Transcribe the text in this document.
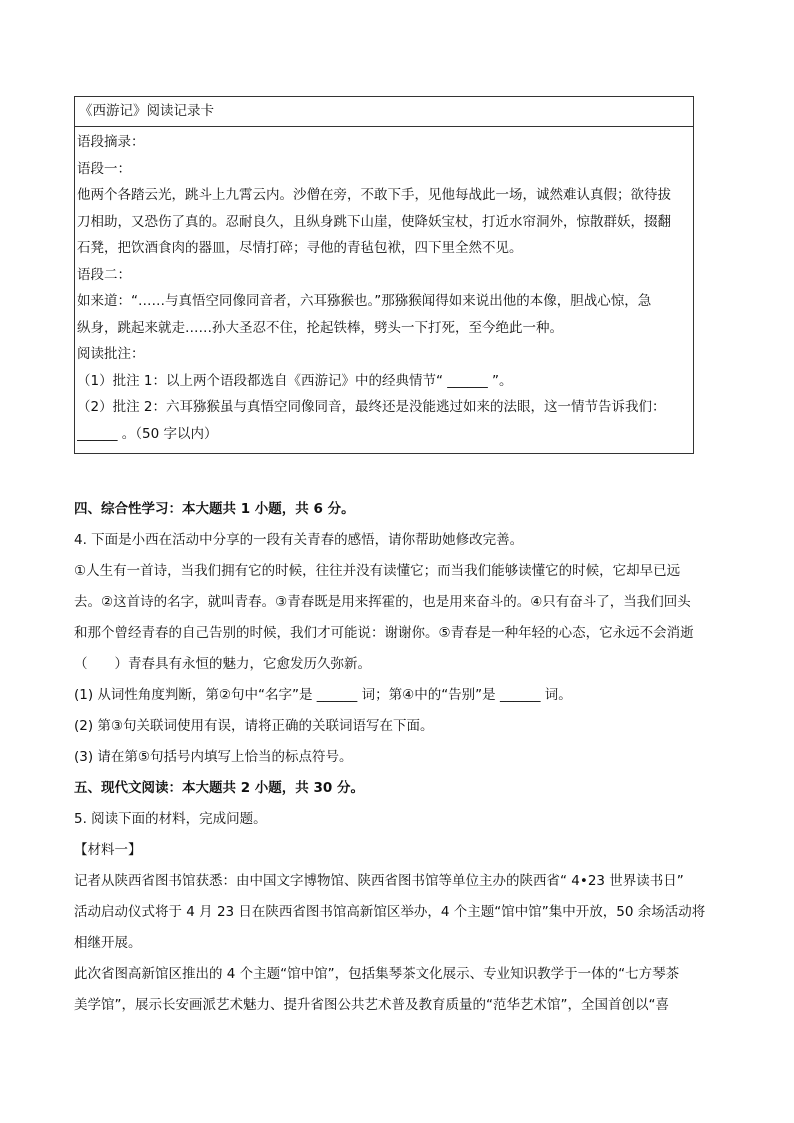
《西游记》阅读记录卡
语段摘录：
语段一：
他两个各踏云光，跳斗上九霄云内。沙僧在旁，不敢下手，见他每战此一场，诚然难认真假；欲待拔
刀相助，又恐伤了真的。忍耐良久，且纵身跳下山崖，使降妖宝杖，打近水帘洞外，惊散群妖，掇翻
石凳，把饮酒食肉的器皿，尽情打碎；寻他的青毡包袱，四下里全然不见。
语段二：
如来道：“……与真悟空同像同音者，六耳猕猴也。”那猕猴闻得如来说出他的本像，胆战心惊，急
纵身，跳起来就走……孙大圣忍不住，抡起铁棒，劈头一下打死，至今绝此一种。
阅读批注：
（1）批注 1：以上两个语段都选自《西游记》中的经典情节“ ______ ”。
（2）批注 2：六耳猕猴虽与真悟空同像同音，最终还是没能逃过如来的法眼，这一情节告诉我们：
______ 。（50 字以内）
四、综合性学习：本大题共 1 小题，共 6 分。
4. 下面是小西在活动中分享的一段有关青春的感悟，请你帮助她修改完善。
①人生有一首诗，当我们拥有它的时候，往往并没有读懂它；而当我们能够读懂它的时候，它却早已远
去。②这首诗的名字，就叫青春。③青春既是用来挥霍的，也是用来奋斗的。④只有奋斗了，当我们回头
和那个曾经青春的自己告别的时候，我们才可能说：谢谢你。⑤青春是一种年轻的心态，它永远不会消逝
（　　）青春具有永恒的魅力，它愈发历久弥新。
(1) 从词性角度判断，第②句中“名字”是 ______ 词；第④中的“告别”是 ______ 词。
(2) 第③句关联词使用有误，请将正确的关联词语写在下面。
(3) 请在第⑤句括号内填写上恰当的标点符号。
五、现代文阅读：本大题共 2 小题，共 30 分。
5. 阅读下面的材料，完成问题。
【材料一】
记者从陕西省图书馆获悉：由中国文字博物馆、陕西省图书馆等单位主办的陕西省“ 4•23 世界读书日”
活动启动仪式将于 4 月 23 日在陕西省图书馆高新馆区举办，4 个主题“馆中馆”集中开放，50 余场活动将
相继开展。
此次省图高新馆区推出的 4 个主题“馆中馆”，包括集琴茶文化展示、专业知识教学于一体的“七方琴茶
美学馆”，展示长安画派艺术魅力、提升省图公共艺术普及教育质量的“范华艺术馆”，全国首创以“喜
